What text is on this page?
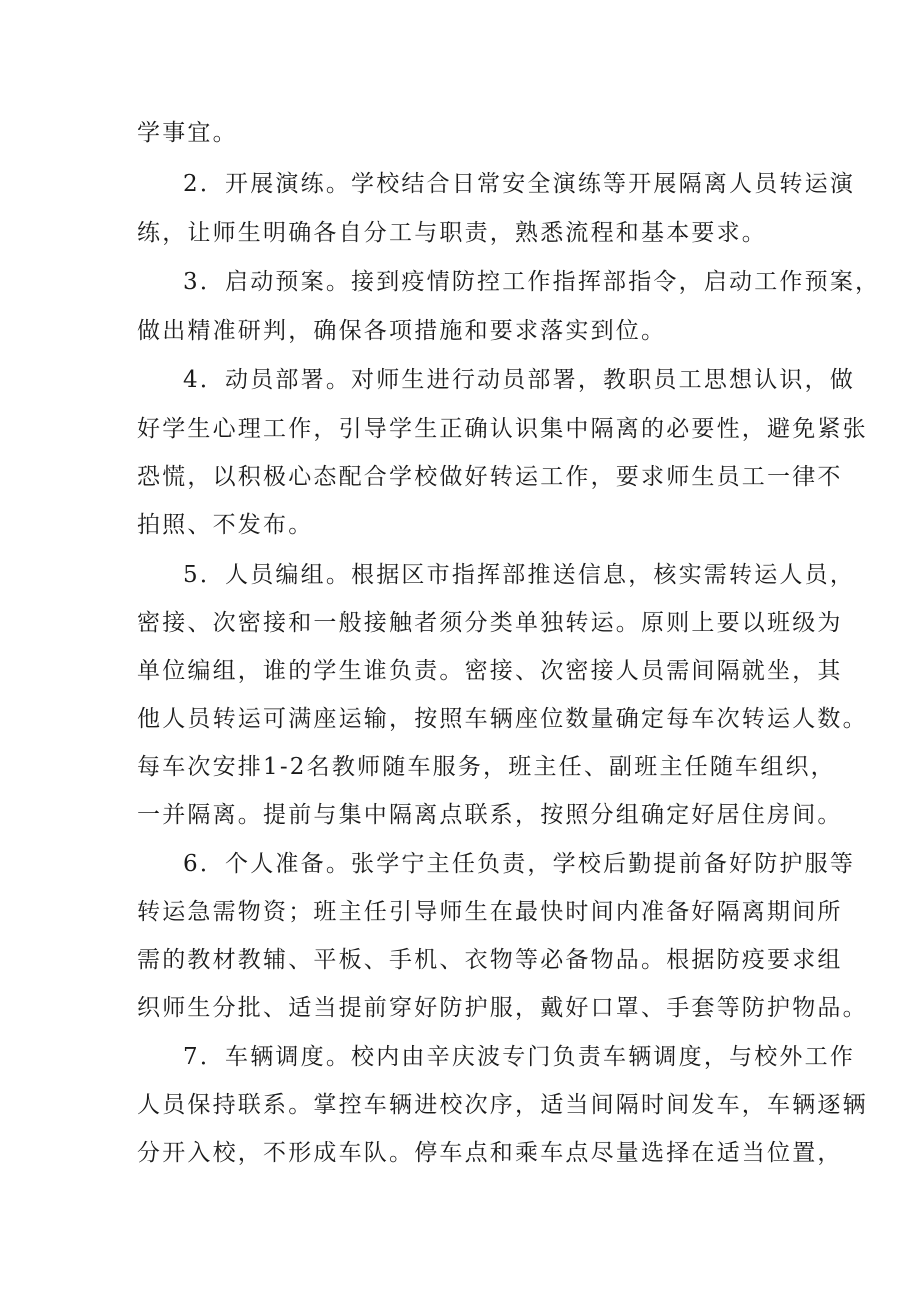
学事宜。
2．开展演练。学校结合日常安全演练等开展隔离人员转运演
练，让师生明确各自分工与职责，熟悉流程和基本要求。
3．启动预案。接到疫情防控工作指挥部指令，启动工作预案，
做出精准研判，确保各项措施和要求落实到位。
4．动员部署。对师生进行动员部署，教职员工思想认识，做
好学生心理工作，引导学生正确认识集中隔离的必要性，避免紧张
恐慌，以积极心态配合学校做好转运工作，要求师生员工一律不
拍照、不发布。
5．人员编组。根据区市指挥部推送信息，核实需转运人员，
密接、次密接和一般接触者须分类单独转运。原则上要以班级为
单位编组，谁的学生谁负责。密接、次密接人员需间隔就坐，其
他人员转运可满座运输，按照车辆座位数量确定每车次转运人数。
每车次安排1-2名教师随车服务，班主任、副班主任随车组织，
一并隔离。提前与集中隔离点联系，按照分组确定好居住房间。
6．个人准备。张学宁主任负责，学校后勤提前备好防护服等
转运急需物资；班主任引导师生在最快时间内准备好隔离期间所
需的教材教辅、平板、手机、衣物等必备物品。根据防疫要求组
织师生分批、适当提前穿好防护服，戴好口罩、手套等防护物品。
7．车辆调度。校内由辛庆波专门负责车辆调度，与校外工作
人员保持联系。掌控车辆进校次序，适当间隔时间发车，车辆逐辆
分开入校，不形成车队。停车点和乘车点尽量选择在适当位置，
